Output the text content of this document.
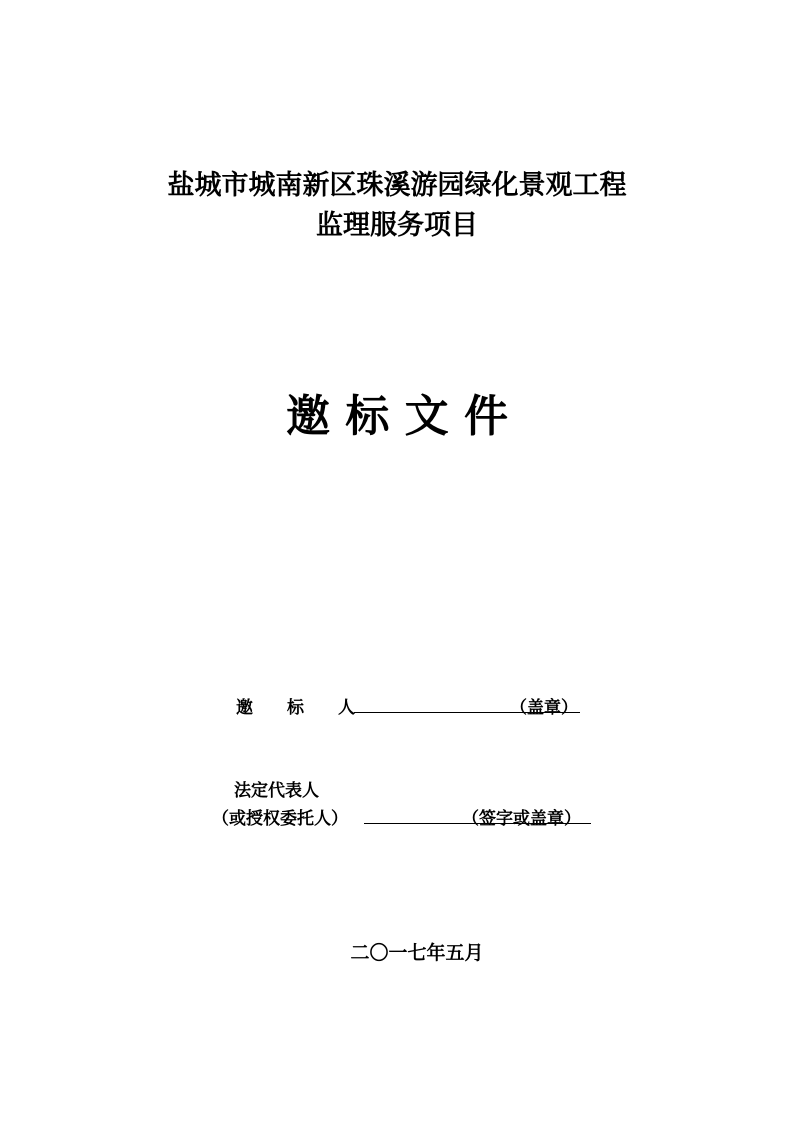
盐城市城南新区珠溪游园绿化景观工程
监理服务项目
邀 标 文 件
邀　　标　　人	（盖章）
法定代表人
（或授权委托人）	（签字或盖章）
二〇一七年五月
